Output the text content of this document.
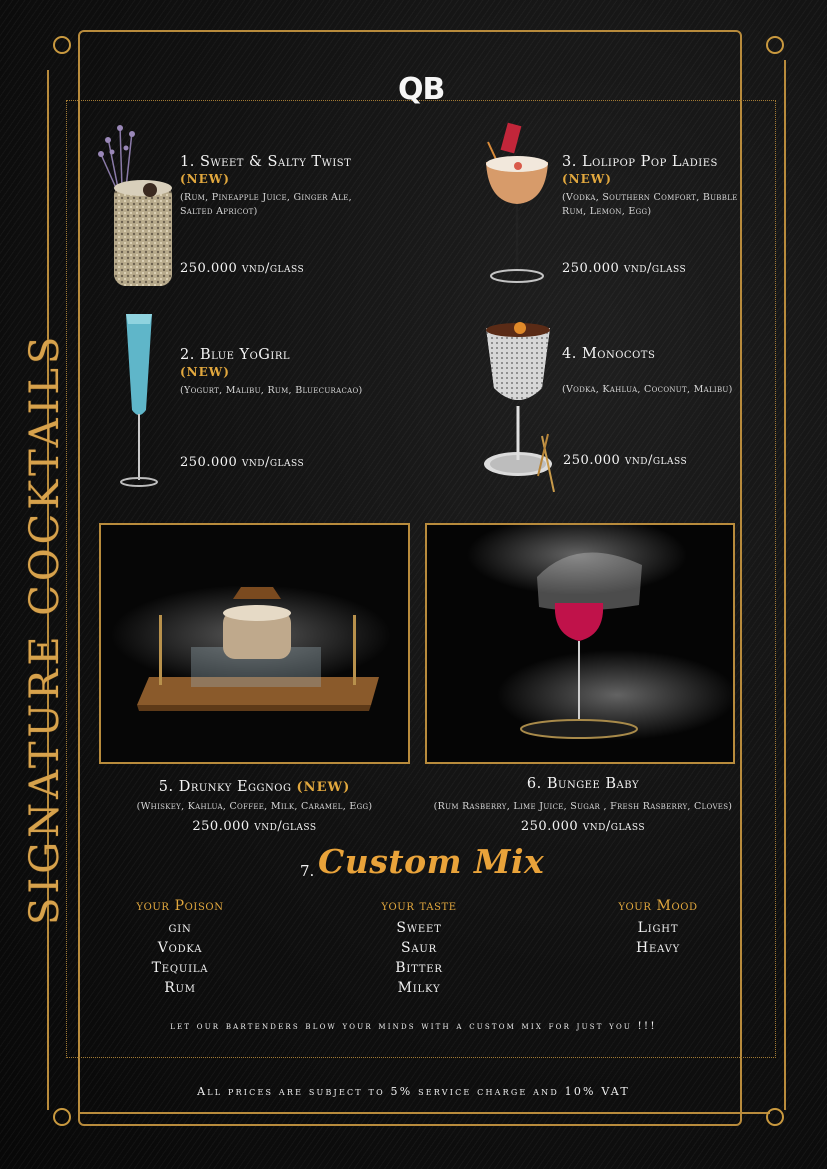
QB
SIGNATURE COCKTAILS
1. Sweet & Salty Twist
(NEW)
(Rum, Pineapple Juice, Ginger Ale, Salted Apricot)
250.000 vnd/glass
2. Blue YoGirl
(NEW)
(Yogurt, Malibu, Rum, Bluecuracao)
250.000 vnd/glass
3. Lolipop Pop Ladies
(NEW)
(Vodka, Southern Comfort, Bubble Rum, Lemon, Egg)
250.000 vnd/glass
4. Monocots
(Vodka, Kahlua, Coconut, Malibu)
250.000 vnd/glass
5. Drunky Eggnog (NEW)
(Whiskey, Kahlua, Coffee, Milk, Caramel, Egg)
250.000 vnd/glass
6. Bungee Baby
(Rum Rasberry, Lime Juice, Sugar , Fresh Rasberry, Cloves)
250.000 vnd/glass
7. Custom Mix
your Poison
gin
Vodka
Tequila
Rum
your taste
Sweet
Saur
Bitter
Milky
your Mood
Light
Heavy
let our bartenders blow your minds with a custom mix for just you !!!
All prices are subject to 5% service charge and 10% VAT
